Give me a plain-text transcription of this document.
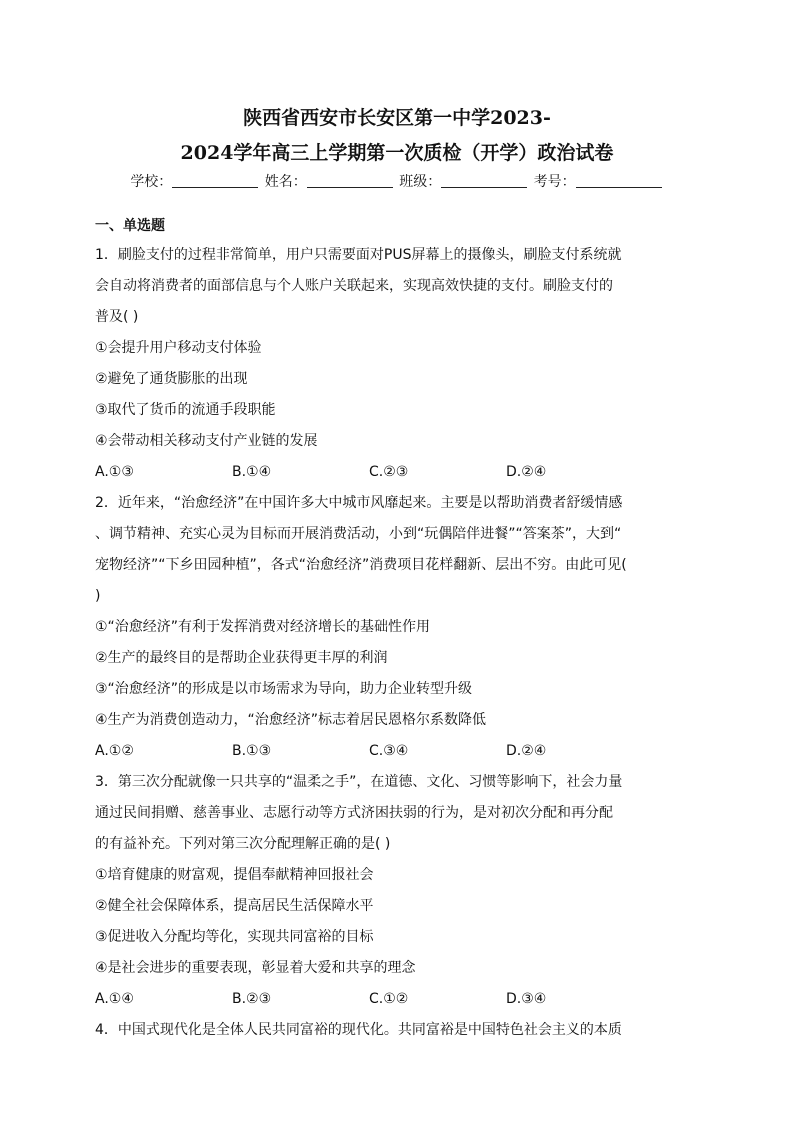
陕西省西安市长安区第一中学2023-
2024学年高三上学期第一次质检（开学）政治试卷
学校：	姓名：	班级：	考号：
一、单选题
1．刷脸支付的过程非常简单，用户只需要面对PUS屏幕上的摄像头，刷脸支付系统就
会自动将消费者的面部信息与个人账户关联起来，实现高效快捷的支付。刷脸支付的
普及( )
①会提升用户移动支付体验
②避免了通货膨胀的出现
③取代了货币的流通手段职能
④会带动相关移动支付产业链的发展
A.①③	B.①④	C.②③	D.②④
2．近年来，“治愈经济”在中国许多大中城市风靡起来。主要是以帮助消费者舒缓情感
、调节精神、充实心灵为目标而开展消费活动，小到“玩偶陪伴进餐”“答案茶”，大到“
宠物经济”“下乡田园种植”，各式“治愈经济”消费项目花样翻新、层出不穷。由此可见(
)
①“治愈经济”有利于发挥消费对经济增长的基础性作用
②生产的最终目的是帮助企业获得更丰厚的利润
③“治愈经济”的形成是以市场需求为导向，助力企业转型升级
④生产为消费创造动力，“治愈经济”标志着居民恩格尔系数降低
A.①②	B.①③	C.③④	D.②④
3．第三次分配就像一只共享的“温柔之手”，在道德、文化、习惯等影响下，社会力量
通过民间捐赠、慈善事业、志愿行动等方式济困扶弱的行为，是对初次分配和再分配
的有益补充。下列对第三次分配理解正确的是( )
①培育健康的财富观，提倡奉献精神回报社会
②健全社会保障体系，提高居民生活保障水平
③促进收入分配均等化，实现共同富裕的目标
④是社会进步的重要表现，彰显着大爱和共享的理念
A.①④	B.②③	C.①②	D.③④
4．中国式现代化是全体人民共同富裕的现代化。共同富裕是中国特色社会主义的本质
